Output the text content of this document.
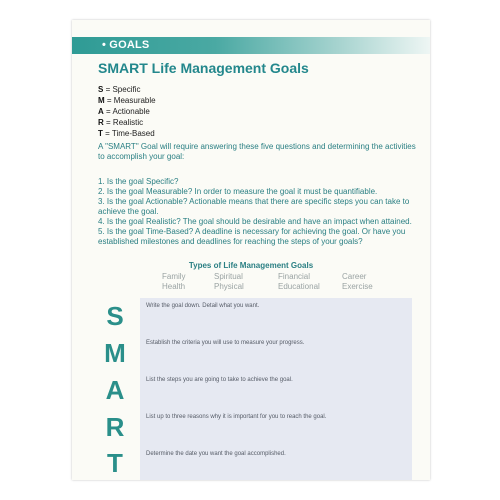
• GOALS
SMART Life Management Goals
S = Specific
M = Measurable
A = Actionable
R = Realistic
T = Time-Based
A "SMART" Goal will require answering these five questions and determining the activities to accomplish your goal:
1. Is the goal Specific?
2. Is the goal Measurable? In order to measure the goal it must be quantifiable.
3. Is the goal Actionable? Actionable means that there are specific steps you can take to achieve the goal.
4. Is the goal Realistic? The goal should be desirable and have an impact when attained.
5. Is the goal Time-Based? A deadline is necessary for achieving the goal. Or have you established milestones and deadlines for reaching the steps of your goals?
Types of Life Management Goals
Family	Spiritual	Financial	Career
Health	Physical	Educational	Exercise
S	Write the goal down. Detail what you want.
M	Establish the criteria you will use to measure your progress.
A	List the steps you are going to take to achieve the goal.
R	List up to three reasons why it is important for you to reach the goal.
T	Determine the date you want the goal accomplished.
